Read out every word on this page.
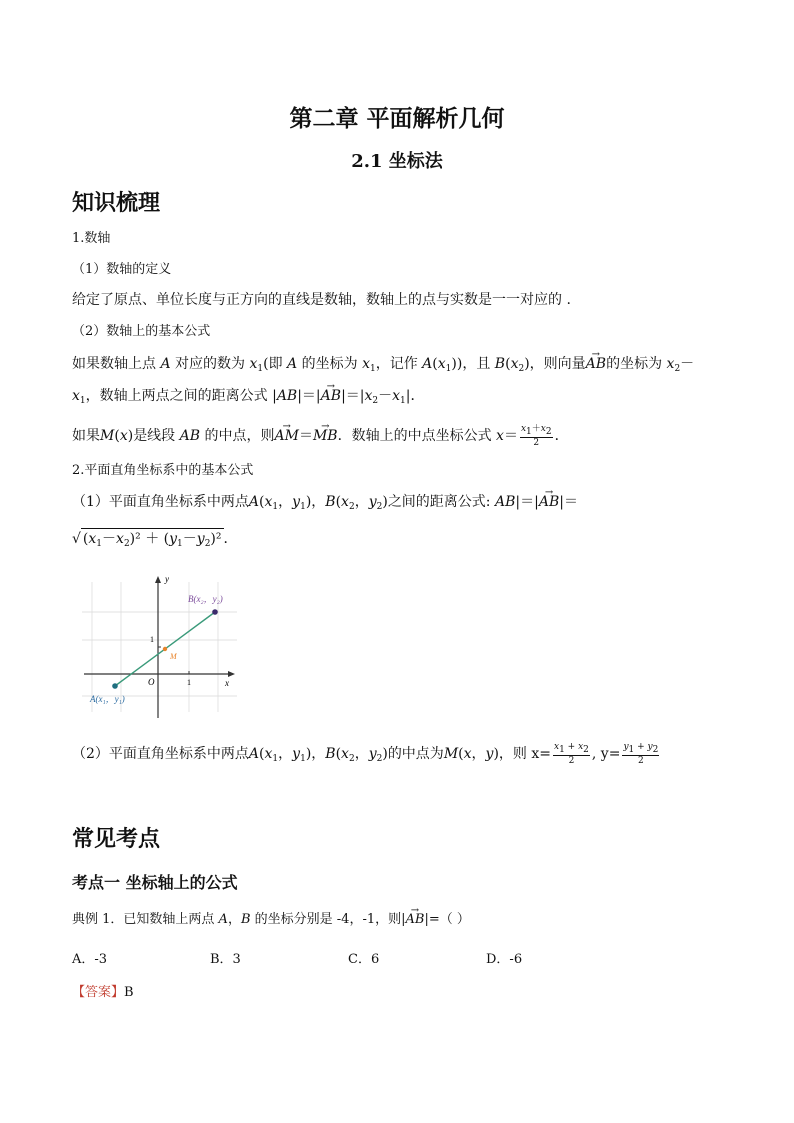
第二章 平面解析几何
2.1 坐标法
知识梳理
1.数轴
（1）数轴的定义
给定了原点、单位长度与正方向的直线是数轴，数轴上的点与实数是一一对应的 .
（2）数轴上的基本公式
如果数轴上点 A 对应的数为 $x_1$(即 A 的坐标为 $x_1$，记作 $A(x_1)$)，且 $B(x_2)$，则向量→ AB的坐标为 $x_2-$
$x_1$，数轴上两点之间的距离公式 $|AB|=|\to AB|=|x_2-x_1|$．
如果M(x)是线段 AB 的中点，则→ AM＝→ MB．数轴上的中点坐标公式 $x= \frac{x_1+x_2}{2}$ ．
2.平面直角坐标系中的基本公式
（1）平面直角坐标系中两点$A(x_1$，$y_1$)，$B(x_2$，$y_2$)之间的距离公式: AB|＝|→ AB|＝
√ $(x_1-x_2)^2 + (y_1-y_2)^2$ ．
B(x₂，y₂)
A(x₁，y₁)
M
x
y
O	1
1
（2）平面直角坐标系中两点$A(x_1$，$y_1$)，$B(x_2$，$y_2$)的中点为M(x，y)，则 $x= \frac{x_1 + x_2}{2}$ , $y= \frac{y_1 + y_2}{2}$
常见考点
考点一 坐标轴上的公式
典例 1．已知数轴上两点 A，B 的坐标分别是 -4，-1，则|→ AB|=（ ）
A．-3	B．3	C．6	D．-6
【答案】B
